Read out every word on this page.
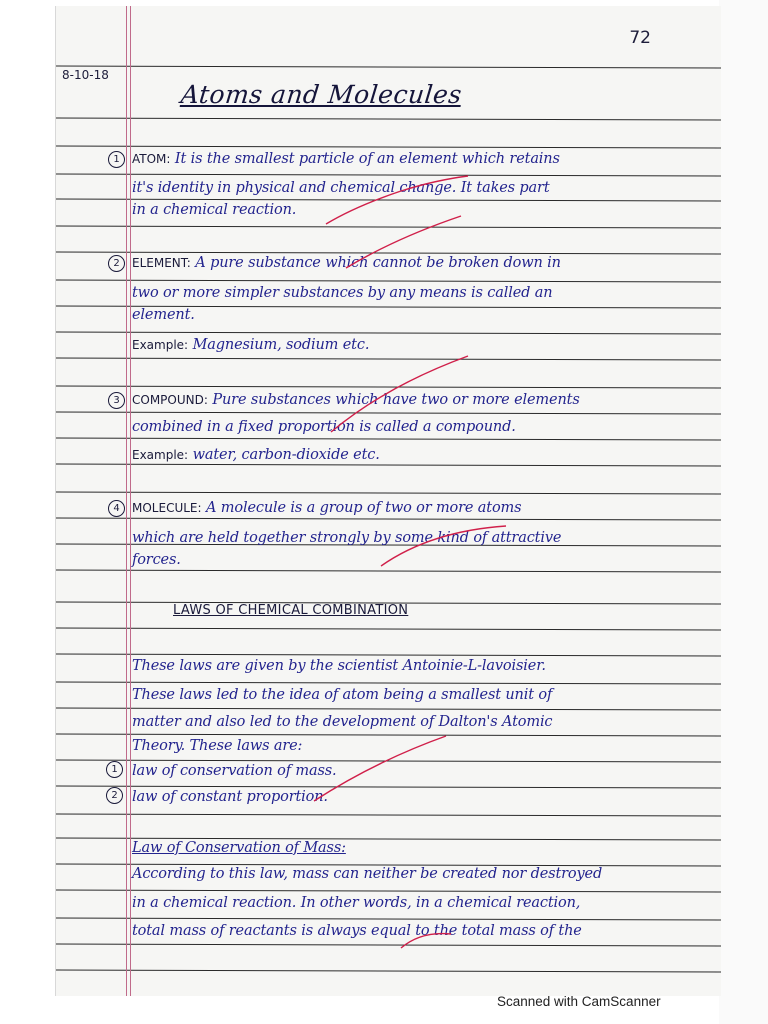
72
8-10-18
Atoms and Molecules
1	ATOM: It is the smallest particle of an element which retains
it's identity in physical and chemical change. It takes part
in a chemical reaction.
2	ELEMENT: A pure substance which cannot be broken down in
two or more simpler substances by any means is called an
element.
Example: Magnesium, sodium etc.
3	COMPOUND: Pure substances which have two or more elements
combined in a fixed proportion is called a compound.
Example: water, carbon-dioxide etc.
4	MOLECULE: A molecule is a group of two or more atoms
which are held together strongly by some kind of attractive
forces.
LAWS OF CHEMICAL COMBINATION
These laws are given by the scientist Antoinie-L-lavoisier.
These laws led to the idea of atom being a smallest unit of
matter and also led to the development of Dalton's Atomic
Theory. These laws are:
1 law of conservation of mass.
2 law of constant proportion.
Law of Conservation of Mass:
According to this law, mass can neither be created nor destroyed
in a chemical reaction. In other words, in a chemical reaction,
total mass of reactants is always equal to the total mass of the
Scanned with CamScanner
